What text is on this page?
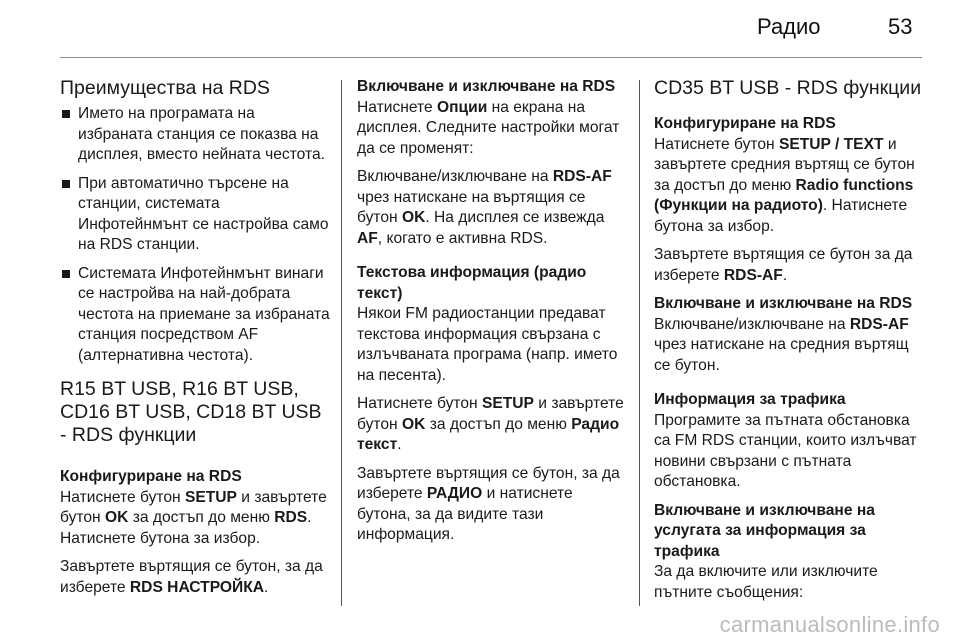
Радио	53
Преимущества на RDS
Името на програмата на избраната станция се показва на дисплея, вместо нейната честота.
При автоматично търсене на станции, системата Инфотейнмънт се настройва само на RDS станции.
Системата Инфотейнмънт винаги се настройва на най-добрата честота на приемане за избраната станция посредством AF (алтернативна честота).
R15 BT USB, R16 BT USB, CD16 BT USB, CD18 BT USB - RDS функции
Конфигуриране на RDS

Натиснете бутон SETUP и завъртете бутон OK за достъп до меню RDS. Натиснете бутона за избор.

Завъртете въртящия се бутон, за да изберете RDS НАСТРОЙКА.

Включване и изключване на RDS

Натиснете Опции на екрана на дисплея. Следните настройки могат да се променят:

Включване/изключване на RDS-AF чрез натискане на въртящия се бутон OK. На дисплея се извежда AF, когато е активна RDS.

Текстова информация (радио текст)

Някои FM радиостанции предават текстова информация свързана с излъчваната програма (напр. името на песента).

Натиснете бутон SETUP и завъртете бутон OK за достъп до меню Радио текст.

Завъртете въртящия се бутон, за да изберете РАДИО и натиснете бутона, за да видите тази информация.

CD35 BT USB - RDS функции
Конфигуриране на RDS

Натиснете бутон SETUP / TEXT и завъртете средния въртящ се бутон за достъп до меню Radio functions (Функции на радиото). Натиснете бутона за избор.

Завъртете въртящия се бутон за да изберете RDS-AF.

Включване и изключване на RDS

Включване/изключване на RDS-AF чрез натискане на средния въртящ се бутон.

Информация за трафика

Програмите за пътната обстановка са FM RDS станции, които излъчват новини свързани с пътната обстановка.

Включване и изключване на услугата за информация за трафика

За да включите или изключите пътните съобщения:

carmanualsonline.info
